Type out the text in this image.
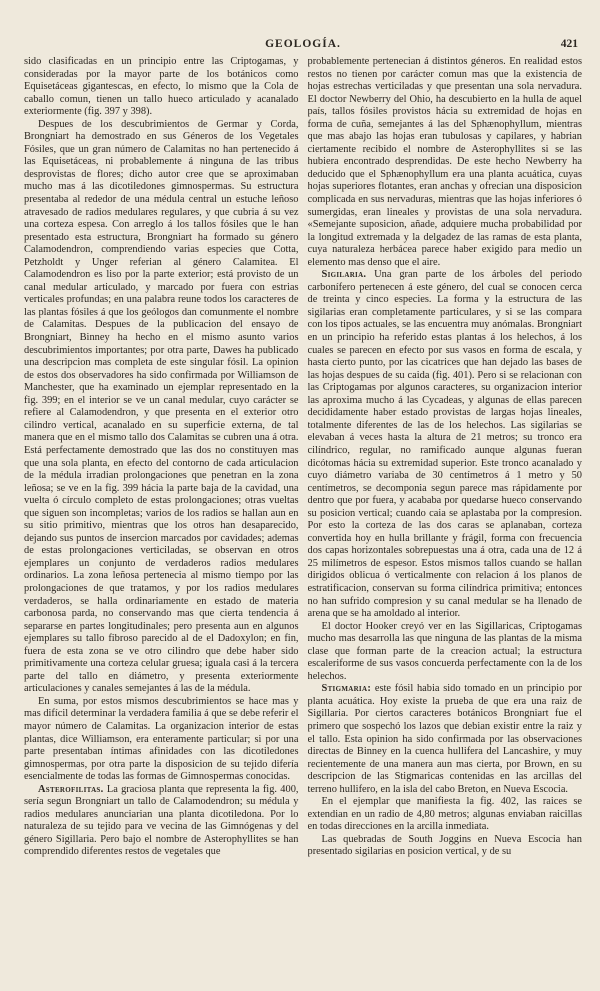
GEOLOGÍA.	421

sido clasificadas en un principio entre las Criptogamas, y consideradas por la mayor parte de los botánicos como Equisetáceas gigantescas, en efecto, lo mismo que la Cola de caballo comun, tienen un tallo hueco articulado y acanalado exteriormente (fig. 397 y 398).

Despues de los descubrimientos de Germar y Corda, Brongniart ha demostrado en sus Géneros de los Vegetales Fósiles, que un gran número de Calamitas no han pertenecido á las Equisetáceas, ni probablemente á ninguna de las tribus desprovistas de flores; dicho autor cree que se aproximaban mucho mas á las dicotiledones gimnospermas. Su estructura presentaba al rededor de una médula central un estuche leñoso atravesado de radios medulares regulares, y que cubria á su vez una corteza espesa. Con arreglo á los tallos fósiles que le han presentado esta estructura, Brongniart ha formado su género Calamodendron, comprendiendo varias especies que Cotta, Petzholdt y Unger referian al género Calamitea. El Calamodendron es liso por la parte exterior; está provisto de un canal medular articulado, y marcado por fuera con estrias verticales profundas; en una palabra reune todos los caracteres de las plantas fósiles á que los geólogos dan comunmente el nombre de Calamitas. Despues de la publicacion del ensayo de Brongniart, Binney ha hecho en el mismo asunto varios descubrimientos importantes; por otra parte, Dawes ha publicado una descripcion mas completa de este singular fósil. La opinion de estos dos observadores ha sido confirmada por Williamson de Manchester, que ha examinado un ejemplar representado en la fig. 399; en el interior se ve un canal medular, cuyo carácter se refiere al Calamodendron, y que presenta en el exterior otro cilindro vertical, acanalado en su superficie externa, de tal manera que en el mismo tallo dos Calamitas se cubren una á otra. Está perfectamente demostrado que las dos no constituyen mas que una sola planta, en efecto del contorno de cada articulacion de la médula irradian prolongaciones que penetran en la zona leñosa; se ve en la fig. 399 hácia la parte baja de la cavidad, una vuelta ó círculo completo de estas prolongaciones; otras vueltas que siguen son incompletas; varios de los radios se hallan aun en su sitio primitivo, mientras que los otros han desaparecido, dejando sus puntos de insercion marcados por cavidades; ademas de estas prolongaciones verticiladas, se observan en otros ejemplares un conjunto de verdaderos radios medulares ordinarios. La zona leñosa pertenecia al mismo tiempo por las prolongaciones de que tratamos, y por los radios medulares verdaderos, se halla ordinariamente en estado de materia carbonosa parda, no conservando mas que cierta tendencia á separarse en partes longitudinales; pero presenta aun en algunos ejemplares su tallo fibroso parecido al de el Dadoxylon; en fin, fuera de esta zona se ve otro cilindro que debe haber sido primitivamente una corteza celular gruesa; iguala casi á la tercera parte del tallo en diámetro, y presenta exteriormente articulaciones y canales semejantes á las de la médula.

En suma, por estos mismos descubrimientos se hace mas y mas difícil determinar la verdadera familia á que se debe referir el mayor número de Calamitas. La organizacion interior de estas plantas, dice Williamson, era enteramente particular; si por una parte presentaban íntimas afinidades con las dicotiledones gimnospermas, por otra parte la disposicion de su tejido difería esencialmente de todas las formas de Gimnospermas conocidas.

Asterofilitas. La graciosa planta que representa la fig. 400, sería segun Brongniart un tallo de Calamodendron; su médula y radios medulares anunciarian una planta dicotiledona. Por lo naturaleza de su tejido para ve vecina de las Gimnógenas y del género Sigillaria. Pero bajo el nombre de Asterophyllites se han comprendido diferentes restos de vegetales que

probablemente pertenecian á distintos géneros. En realidad estos restos no tienen por carácter comun mas que la existencia de hojas estrechas verticiladas y que presentan una sola nervadura. El doctor Newberry del Ohio, ha descubierto en la hulla de aquel país, tallos fósiles provistos hácia su extremidad de hojas en forma de cuña, semejantes á las del Sphænophyllum, mientras que mas abajo las hojas eran tubulosas y capilares, y habrian ciertamente recibido el nombre de Asterophyllites si se las hubiera encontrado desprendidas. De este hecho Newberry ha deducido que el Sphænophyllum era una planta acuática, cuyas hojas superiores flotantes, eran anchas y ofrecian una disposicion complicada en sus nervaduras, mientras que las hojas inferiores ó sumergidas, eran lineales y provistas de una sola nervadura. «Semejante suposicion, añade, adquiere mucha probabilidad por la longitud extremada y la delgadez de las ramas de esta planta, cuya naturaleza herbácea parece haber exigido para medio un elemento mas denso que el aire.

Sigilaria. Una gran parte de los árboles del periodo carbonífero pertenecen á este género, del cual se conocen cerca de treinta y cinco especies. La forma y la estructura de las sigilarias eran completamente particulares, y si se las compara con los tipos actuales, se las encuentra muy anómalas. Brongniart en un principio ha referido estas plantas á los helechos, á los cuales se parecen en efecto por sus vasos en forma de escala, y hasta cierto punto, por las cicatrices que han dejado las bases de las hojas despues de su caida (fig. 401). Pero si se relacionan con las Criptogamas por algunos caracteres, su organizacion interior las aproxima mucho á las Cycadeas, y algunas de ellas parecen decididamente haber estado provistas de largas hojas lineales, totalmente diferentes de las de los helechos. Las sigilarias se elevaban á veces hasta la altura de 21 metros; su tronco era cilíndrico, regular, no ramificado aunque algunas fueran dicótomas hácia su extremidad superior. Este tronco acanalado y cuyo diámetro variaba de 30 centímetros á 1 metro y 50 centímetros, se decomponia segun parece mas rápidamente por dentro que por fuera, y acababa por quedarse hueco conservando su posicion vertical; cuando caia se aplastaba por la compresion. Por esto la corteza de las dos caras se aplanaban, corteza convertida hoy en hulla brillante y frágil, forma con frecuencia dos capas horizontales sobrepuestas una á otra, cada una de 12 á 25 milímetros de espesor. Estos mismos tallos cuando se hallan dirigidos oblicua ó verticalmente con relacion á los planos de estratificacion, conservan su forma cilíndrica primitiva; entonces no han sufrido compresion y su canal medular se ha llenado de arena que se ha amoldado al interior.

El doctor Hooker creyó ver en las Sigillaricas, Criptogamas mucho mas desarrolla las que ninguna de las plantas de la misma clase que forman parte de la creacion actual; la estructura escaleriforme de sus vasos concuerda perfectamente con la de los helechos.

Stigmaria: este fósil habia sido tomado en un principio por planta acuática. Hoy existe la prueba de que era una raiz de Sigillaria. Por ciertos caracteres botánicos Brongniart fue el primero que sospechó los lazos que debian existir entre la raiz y el tallo. Esta opinion ha sido confirmada por las observaciones directas de Binney en la cuenca hullifera del Lancashire, y muy recientemente de una manera aun mas cierta, por Brown, en su descripcion de las Stigmaricas contenidas en las arcillas del terreno hullifero, en la isla del cabo Breton, en Nueva Escocia.

En el ejemplar que manifiesta la fig. 402, las raices se extendian en un radio de 4,80 metros; algunas enviaban raicillas en todas direcciones en la arcilla inmediata.

Las quebradas de South Joggins en Nueva Escocia han presentado sigilarias en posicion vertical, y de su
